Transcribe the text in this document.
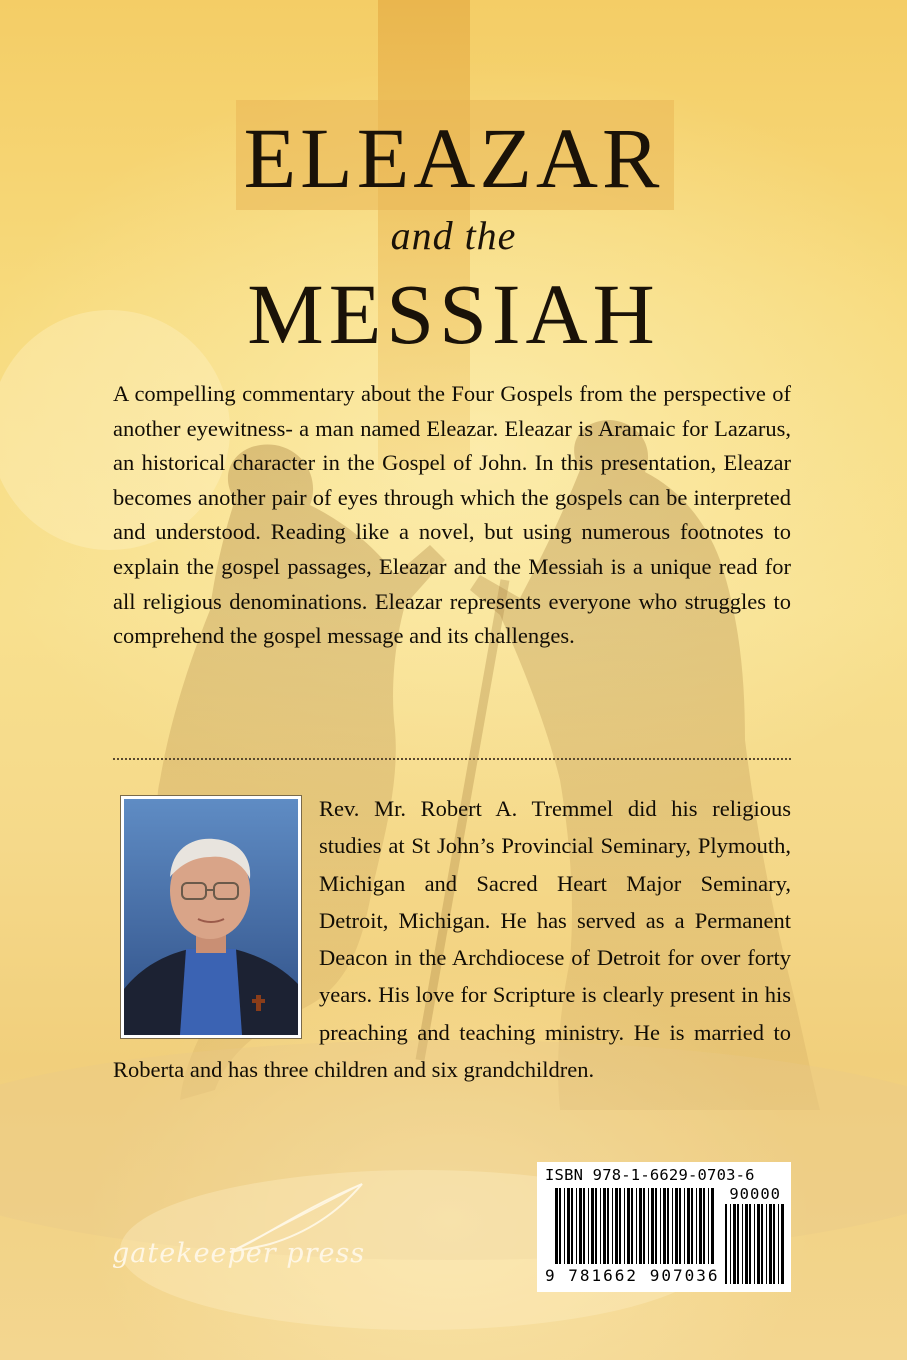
ELEAZAR
and the
MESSIAH

A compelling commentary about the Four Gospels from the perspective of another eyewitness- a man named Eleazar. Eleazar is Aramaic for Lazarus, an historical character in the Gospel of John. In this presentation, Eleazar becomes another pair of eyes through which the gospels can be interpreted and understood. Reading like a novel, but using numerous footnotes to explain the gospel passages, Eleazar and the Messiah is a unique read for all religious denominations. Eleazar represents everyone who struggles to comprehend the gospel message and its challenges.

Rev. Mr. Robert A. Tremmel did his religious studies at St John’s Provincial Seminary, Plymouth, Michigan and Sacred Heart Major Seminary, Detroit, Michigan. He has served as a Permanent Deacon in the Archdiocese of Detroit for over forty years. His love for Scripture is clearly present in his preaching and teaching ministry. He is married to Roberta and has three children and six grandchildren.

gatekeeper press
ISBN 978-1-6629-0703-6
90000
9 781662 907036
